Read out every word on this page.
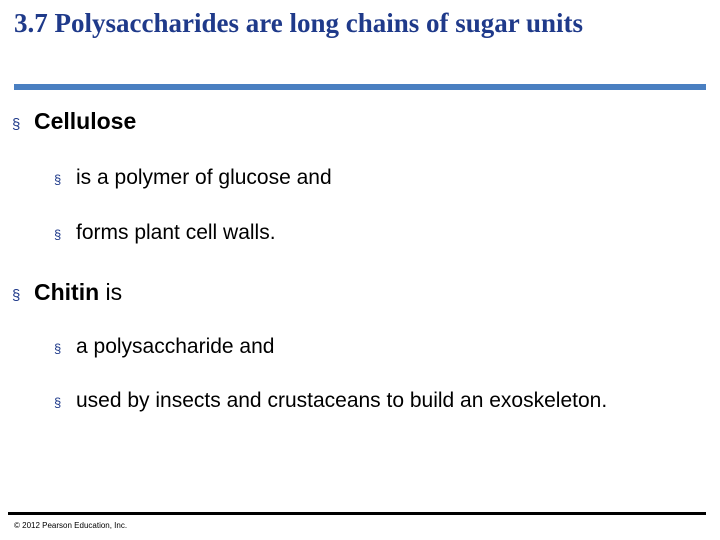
3.7 Polysaccharides are long chains of sugar units
§ Cellulose
§ is a polymer of glucose and
§ forms plant cell walls.
§ Chitin is
§ a polysaccharide and
§ used by insects and crustaceans to build an exoskeleton.
© 2012 Pearson Education, Inc.
